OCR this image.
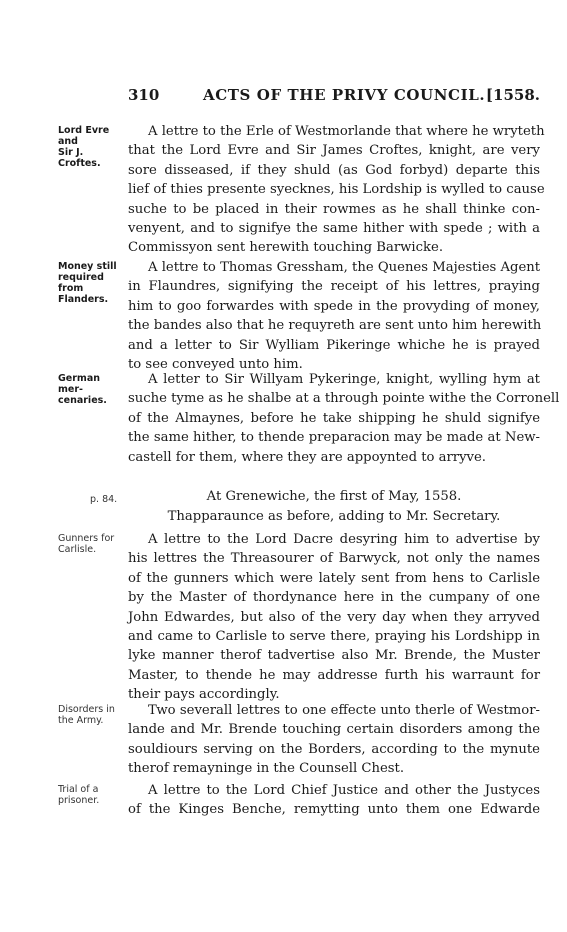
310	ACTS OF THE PRIVY COUNCIL. [1558.
Lord Evre and
Sir J. Croftes.
A lettre to the Erle of Westmorlande that where he wryteth
that the Lord Evre and Sir James Croftes, knight, are very
sore disseased, if they shuld (as God forbyd) departe this
lief of thies presente syecknes, his Lordship is wylled to cause
suche to be placed in their rowmes as he shall thinke con-
venyent, and to signifye the same hither with spede ; with a
Commissyon sent herewith touching Barwicke.
Money still
required from
Flanders.
A lettre to Thomas Gressham, the Quenes Majesties Agent
in Flaundres, signifying the receipt of his lettres, praying
him to goo forwardes with spede in the provyding of money,
the bandes also that he requyreth are sent unto him herewith
and a letter to Sir Wylliam Pikeringe whiche he is prayed
to see conveyed unto him.
German mer-
cenaries.
A letter to Sir Willyam Pykeringe, knight, wylling hym at
suche tyme as he shalbe at a through pointe withe the Corronell
of the Almaynes, before he take shipping he shuld signifye
the same hither, to thende preparacion may be made at New-
castell for them, where they are appoynted to arryve.
p. 84.	At Grenewiche, the first of May, 1558.
Thapparaunce as before, adding to Mr. Secretary.
Gunners for
Carlisle.
A lettre to the Lord Dacre desyring him to advertise by
his lettres the Threasourer of Barwyck, not only the names
of the gunners which were lately sent from hens to Carlisle
by the Master of thordynance here in the cumpany of one
John Edwardes, but also of the very day when they arryved
and came to Carlisle to serve there, praying his Lordshipp in
lyke manner therof tadvertise also Mr. Brende, the Muster
Master, to thende he may addresse furth his warraunt for
their pays accordingly.
Disorders in
the Army.
Two severall lettres to one effecte unto therle of Westmor-
lande and Mr. Brende touching certain disorders among the
souldiours serving on the Borders, according to the mynute
therof remayninge in the Counsell Chest.
Trial of a
prisoner.
A lettre to the Lord Chief Justice and other the Justyces
of the Kinges Benche, remytting unto them one Edwarde
